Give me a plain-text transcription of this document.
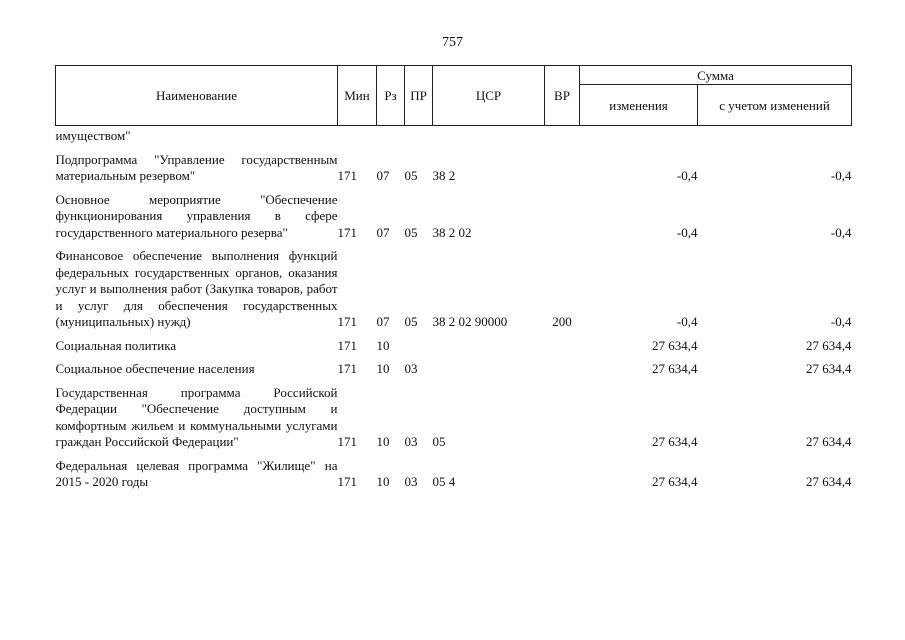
757
Наименование	Мин	Рз	ПР	ЦСР	ВР	Сумма	
						изменения	с учетом изменений
имуществом"							
Подпрограмма "Управление государственным материальным резервом"	171	07	05	38 2		-0,4	-0,4
Основное мероприятие "Обеспечение функционирования управления в сфере государственного материального резерва"	171	07	05	38 2 02		-0,4	-0,4
Финансовое обеспечение выполнения функций федеральных государственных органов, оказания услуг и выполнения работ (Закупка товаров, работ и услуг для обеспечения государственных (муниципальных) нужд)	171	07	05	38 2 02 90000	200	-0,4	-0,4
Социальная политика	171	10				27 634,4	27 634,4
Социальное обеспечение населения	171	10	03			27 634,4	27 634,4
Государственная программа Российской Федерации "Обеспечение доступным и комфортным жильем и коммунальными услугами граждан Российской Федерации"	171	10	03	05		27 634,4	27 634,4
Федеральная целевая программа "Жилище" на 2015 - 2020 годы	171	10	03	05 4		27 634,4	27 634,4
